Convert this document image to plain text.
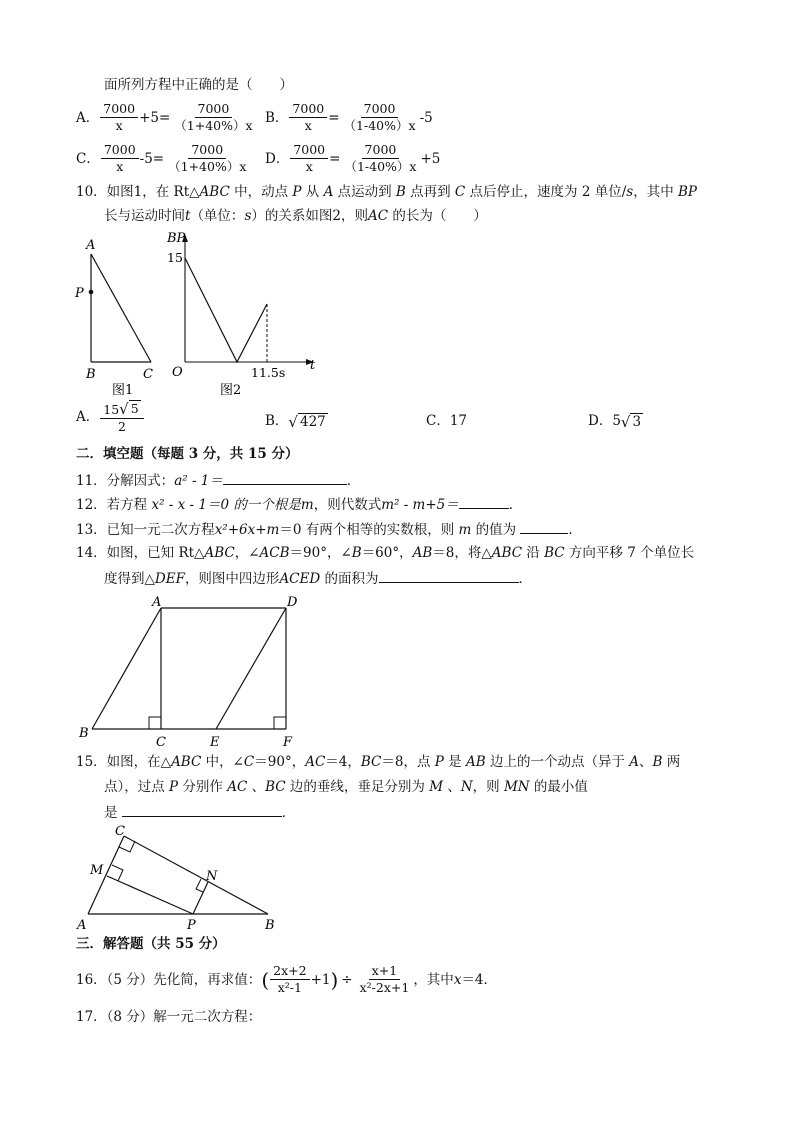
面所列方程中正确的是（　　）
A． $\frac{7000}{x} +5= \frac{7000}{(1+40\%)x}$ B． $\frac{7000}{x} = \frac{7000}{(1-40\%)x} -5$
C． $\frac{7000}{x} -5= \frac{7000}{(1+40\%)x}$ D． $\frac{7000}{x} = \frac{7000}{(1-40\%)x} +5$
10．如图1，在 Rt△ABC 中，动点 P 从 A 点运动到 B 点再到 C 点后停止，速度为 2 单位/s，其中 BP
长与运动时间t（单位：s）的关系如图2，则AC 的长为（　　）
A
P
B	C
图1
BP
15
O	11.5s t
图2
A． $\frac{15 √ 5}{2}$	B． √ 427	C． 17	D． 5 √ 3
二．填空题（每题 3 分，共 15 分）
11．分解因式：a² - 1＝	．
12．若方程 x² - x - 1＝0 的一个根是m，则代数式m² - m+5＝	．
13．已知一元二次方程x²+6x+m＝0 有两个相等的实数根，则 m 的值为	．
14．如图，已知 Rt△ABC，∠ACB＝90°，∠B＝60°，AB＝8，将△ABC 沿 BC 方向平移 7 个单位长
度得到△DEF，则图中四边形ACED 的面积为	．
A	D
B
C	E	F
15．如图，在△ABC 中，∠C＝90°，AC＝4，BC＝8，点 P 是 AB 边上的一个动点（异于 A、B 两
点），过点 P 分别作 AC 、BC 边的垂线，垂足分别为 M 、N，则 MN 的最小值
是	．
C
M	N
A	P	B
三．解答题（共 55 分）
16．（5 分）先化简，再求值： ( $\frac{2x+2}{\text{x²-1}} +1$ ) ÷ $\frac{x+1}{\text{x²-2x+1}}$ ，其中 x ＝4．
17．（8 分）解一元二次方程：
